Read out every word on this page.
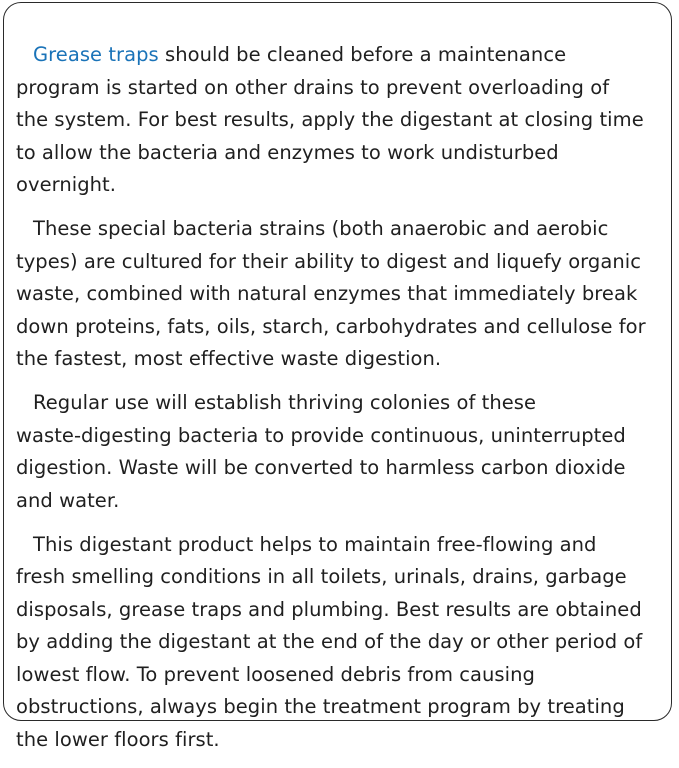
Grease traps should be cleaned before a maintenance
program is started on other drains to prevent overloading of
the system. For best results, apply the digestant at closing time
to allow the bacteria and enzymes to work undisturbed
overnight.

These special bacteria strains (both anaerobic and aerobic
types) are cultured for their ability to digest and liquefy organic
waste, combined with natural enzymes that immediately break
down proteins, fats, oils, starch, carbohydrates and cellulose for
the fastest, most effective waste digestion.

Regular use will establish thriving colonies of these
waste-digesting bacteria to provide continuous, uninterrupted
digestion. Waste will be converted to harmless carbon dioxide
and water.

This digestant product helps to maintain free-flowing and
fresh smelling conditions in all toilets, urinals, drains, garbage
disposals, grease traps and plumbing. Best results are obtained
by adding the digestant at the end of the day or other period of
lowest flow. To prevent loosened debris from causing
obstructions, always begin the treatment program by treating
the lower floors first.
